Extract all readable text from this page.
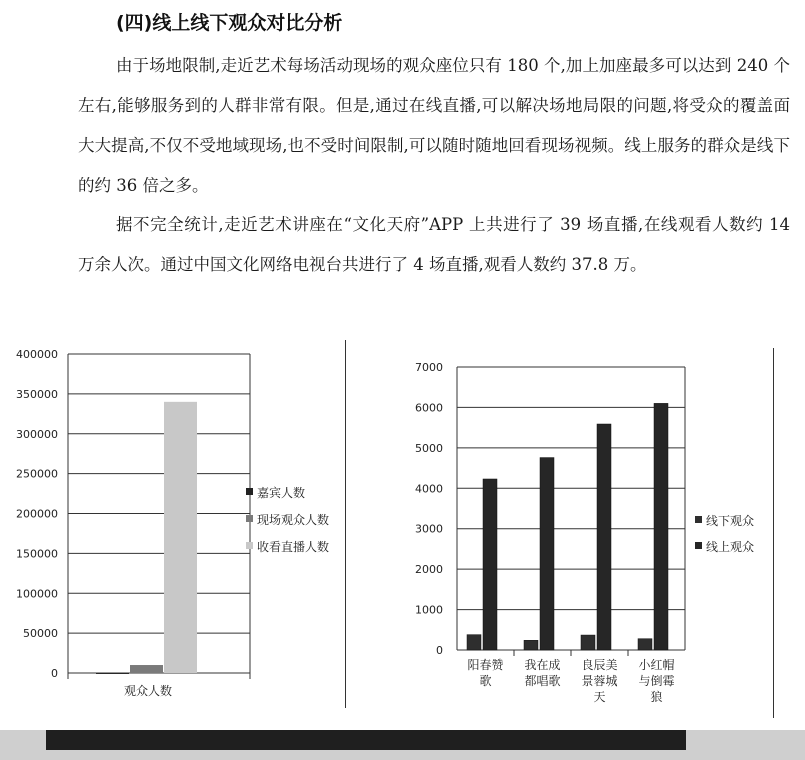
(四)线上线下观众对比分析

由于场地限制,走近艺术每场活动现场的观众座位只有 180 个,加上加座最多可以达到 240 个左右,能够服务到的人群非常有限。但是,通过在线直播,可以解决场地局限的问题,将受众的覆盖面大大提高,不仅不受地域现场,也不受时间限制,可以随时随地回看现场视频。线上服务的群众是线下的约 36 倍之多。

据不完全统计,走近艺术讲座在“文化天府”APP 上共进行了 39 场直播,在线观看人数约 14 万余人次。通过中国文化网络电视台共进行了 4 场直播,观看人数约 37.8 万。

0
50000
100000
150000
200000
250000
300000
350000
400000
观众人数
嘉宾人数
现场观众人数
收看直播人数
0
1000
2000
3000
4000
5000
6000
7000
阳春赞歌
我在成都唱歌
良辰美景蓉城天
小红帽与倒霉狼
线下观众
线上观众
